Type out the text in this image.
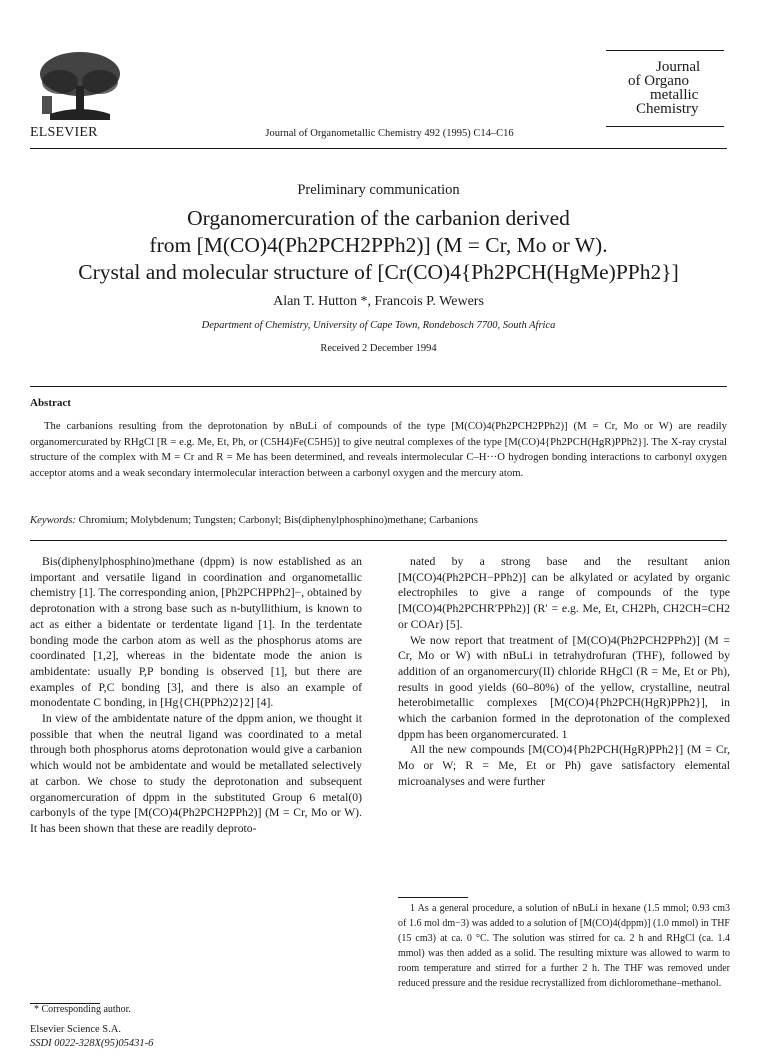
ELSEVIER	Journal of Organometallic Chemistry 492 (1995) C14–C16
Journal
of Organo
metallic
Chemistry
Preliminary communication
Organomercuration of the carbanion derived
from [M(CO)4(Ph2PCH2PPh2)] (M = Cr, Mo or W).
Crystal and molecular structure of [Cr(CO)4{Ph2PCH(HgMe)PPh2}]
Alan T. Hutton *, Francois P. Wewers
Department of Chemistry, University of Cape Town, Rondebosch 7700, South Africa
Received 2 December 1994
Abstract

The carbanions resulting from the deprotonation by nBuLi of compounds of the type [M(CO)4(Ph2PCH2PPh2)] (M = Cr, Mo or W) are readily organomercurated by RHgCl [R = e.g. Me, Et, Ph, or (C5H4)Fe(C5H5)] to give neutral complexes of the type [M(CO)4{Ph2PCH(HgR)PPh2}]. The X-ray crystal structure of the complex with M = Cr and R = Me has been determined, and reveals intermolecular C–H···O hydrogen bonding interactions to carbonyl oxygen acceptor atoms and a weak secondary intermolecular interaction between a carbonyl oxygen and the mercury atom.

Keywords: Chromium; Molybdenum; Tungsten; Carbonyl; Bis(diphenylphosphino)methane; Carbanions

Bis(diphenylphosphino)methane (dppm) is now established as an important and versatile ligand in coordination and organometallic chemistry [1]. The corresponding anion, [Ph2PCHPPh2]−, obtained by deprotonation with a strong base such as n-butyllithium, is known to act as either a bidentate or terdentate ligand [1]. In the terdentate bonding mode the carbon atom as well as the phosphorus atoms are coordinated [1,2], whereas in the bidentate mode the anion is ambidentate: usually P,P bonding is observed [1], but there are examples of P,C bonding [3], and there is also an example of monodentate C bonding, in [Hg{CH(PPh2)2}2] [4].

In view of the ambidentate nature of the dppm anion, we thought it possible that when the neutral ligand was coordinated to a metal through both phosphorus atoms deprotonation would give a carbanion which would not be ambidentate and would be metallated selectively at carbon. We chose to study the deprotonation and subsequent organomercuration of dppm in the substituted Group 6 metal(0) carbonyls of the type [M(CO)4(Ph2PCH2PPh2)] (M = Cr, Mo or W). It has been shown that these are readily deproto-

nated by a strong base and the resultant anion [M(CO)4(Ph2PCH−PPh2)] can be alkylated or acylated by organic electrophiles to give a range of compounds of the type [M(CO)4(Ph2PCHR′PPh2)] (R′ = e.g. Me, Et, CH2Ph, CH2CH=CH2 or COAr) [5].

We now report that treatment of [M(CO)4(Ph2PCH2PPh2)] (M = Cr, Mo or W) with nBuLi in tetrahydrofuran (THF), followed by addition of an organomercury(II) chloride RHgCl (R = Me, Et or Ph), results in good yields (60–80%) of the yellow, crystalline, neutral heterobimetallic complexes [M(CO)4{Ph2PCH(HgR)PPh2}], in which the carbanion formed in the deprotonation of the complexed dppm has been organomercurated. 1

All the new compounds [M(CO)4{Ph2PCH(HgR)PPh2}] (M = Cr, Mo or W; R = Me, Et or Ph) gave satisfactory elemental microanalyses and were further

1 As a general procedure, a solution of nBuLi in hexane (1.5 mmol; 0.93 cm3 of 1.6 mol dm−3) was added to a solution of [M(CO)4(dppm)] (1.0 mmol) in THF (15 cm3) at ca. 0 °C. The solution was stirred for ca. 2 h and RHgCl (ca. 1.4 mmol) was then added as a solid. The resulting mixture was allowed to warm to room temperature and stirred for a further 2 h. The THF was removed under reduced pressure and the residue recrystallized from dichloromethane–methanol.

* Corresponding author.
Elsevier Science S.A.
SSDI 0022-328X(95)05431-6
